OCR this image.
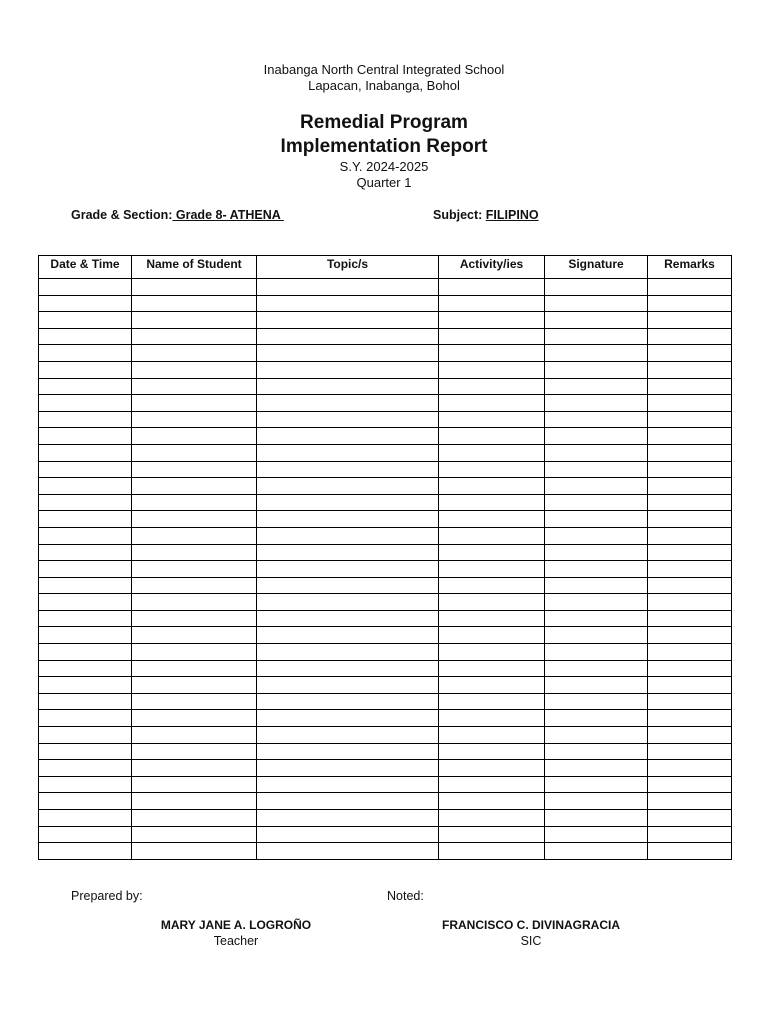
Inabanga North Central Integrated School
Lapacan, Inabanga, Bohol
Remedial Program
Implementation Report
S.Y. 2024-2025
Quarter 1
Grade & Section: Grade 8- ATHENA	Subject: FILIPINO
Date & Time	Name of Student	Topic/s	Activity/ies	Signature	Remarks

Prepared by:	Noted:
MARY JANE A. LOGROÑO
Teacher
FRANCISCO C. DIVINAGRACIA
SIC
